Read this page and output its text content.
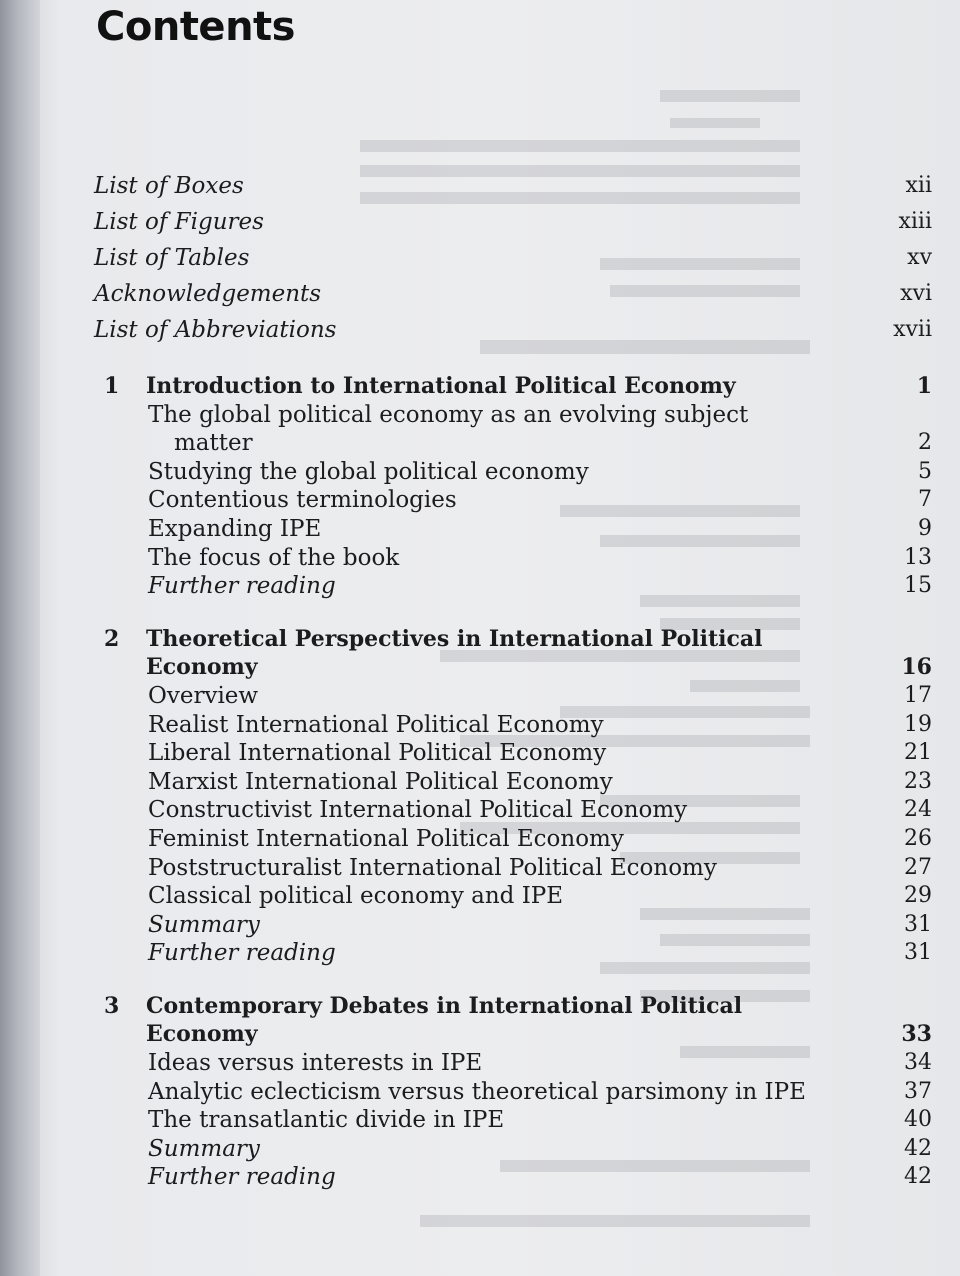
Contents
List of Boxes	xii
List of Figures	xiii
List of Tables	xv
Acknowledgements	xvi
List of Abbreviations	xvii
1 Introduction to International Political Economy	1
The global political economy as an evolving subject
matter	2
Studying the global political economy	5
Contentious terminologies	7
Expanding IPE	9
The focus of the book	13
Further reading	15
2 Theoretical Perspectives in International Political
Economy	16
Overview	17
Realist International Political Economy	19
Liberal International Political Economy	21
Marxist International Political Economy	23
Constructivist International Political Economy	24
Feminist International Political Economy	26
Poststructuralist International Political Economy	27
Classical political economy and IPE	29
Summary	31
Further reading	31
3 Contemporary Debates in International Political
Economy	33
Ideas versus interests in IPE	34
Analytic eclecticism versus theoretical parsimony in IPE	37
The transatlantic divide in IPE	40
Summary	42
Further reading	42
